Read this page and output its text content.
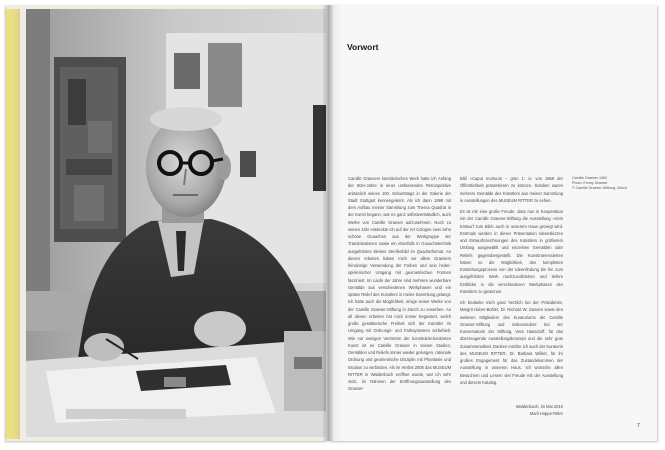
Vorwort
Camille Graesers künstlerisches Werk hatte ich Anfang der 80er-Jahre in einer umfassenden Retrospektive anlässlich seines 100. Geburtstags in der Galerie der Stadt Stuttgart kennengelernt. Als ich dann 1998 mit dem Aufbau meiner Sammlung zum Thema Quadrat in der Kunst begann, war es ganz selbstverständlich, auch Werke von Camille Graeser aufzunehmen. Noch zu seinen Jahr entdeckte ich auf der Art Cologne zwei zehn schöne Gouachen aus der Werkgruppe der Translokationen sowie ein ebenfalls in Gouachetechnik ausgeführtes kleines Streifenbild im Quadratformat. An diesen Arbeiten haben mich vor allem Graesers feinsinnige Verwendung der Farben und sein heiter-spielerischer Umgang mit geometrischen Formen fasziniert. Im Laufe der Jahre sind mehrere wunderbare Gemälde aus verschiedenen Werkphasen und ein spätes Relief des Künstlers in meine Sammlung gelangt. Ich hatte auch die Möglichkeit, einige seiner Werke von der Camille Graeser-Stiftung in Zürich zu erwerben. An all diesen Arbeiten hat mich immer begeistert, welch große gestalterische Freiheit sich der Künstler im Umgang mit Ordnungs- und Farbsystemen vorbehielt. Wie nur wenigen Vertretern der konstruktiv-konkreten Kunst ist es Camille Graeser in seinen Studien, Gemälden und Reliefs immer wieder gelungen, rationale Ordnung und geometrische Disziplin mit Phantasie und Intuition zu verbinden. Als im Herbst 2005 das MUSEUM RITTER in Waldenbuch eröffnet wurde, war ich sehr stolz, im Rahmen der Eröffnungsausstellung des Graeser-
Bild »Caput mortuum – grün 1: 1« von 1969 der Öffentlichkeit präsentieren zu können. Seitdem waren mehrere Gemälde des Künstlers aus meiner Sammlung in Ausstellungen des MUSEUM RITTER zu sehen.
Es ist mir eine große Freude, dass nun in Kooperation mit der Camille Graeser-Stiftung die Ausstellung »Vom Entwurf zum Bild« auch in unserem Haus gezeigt wird. Erstmals werden in dieser Präsentation Ideenskizzen und Entwurfszeichnungen des Künstlers in größerem Umfang ausgewählt und einzelnen Gemälden oder Reliefs gegenübergestellt. Die Kunstinteressierten haben so die Möglichkeit, den kompletten Entstehungsprozess von der Ideenfindung bis hin zum ausgeführten Werk nachzuvollziehen und tiefere Einblicke in die verschiedenen Werkphasen des Künstlers zu gewinnen.
Ich bedanke mich ganz herzlich bei der Präsidentin, Margrit Huber-Bühler, Dr. Richard W. Gassen sowie den weiteren Mitgliedern des Kuratoriums der Camille Graeser-Stiftung und insbesondere bei der Konservatorin der Stiftung, Vera Hausdorff, für das überzeugende Ausstellungskonzept und die sehr gute Zusammenarbeit. Danken möchte ich auch der Kuratorin des MUSEUM RITTER, Dr. Barbara Willert, für ihr großes Engagement für das Zustandekommen der Ausstellung in unserem Haus. Ich wünsche allen Besuchern und Lesern viel Freude mit der Ausstellung und diesem Katalog.
Waldenbuch, im Mai 2010
Marli Hoppe-Ritter
Camille Graeser 1960
Photo: Emmy Graeser
© Camille Graeser-Stiftung, Zürich
7
